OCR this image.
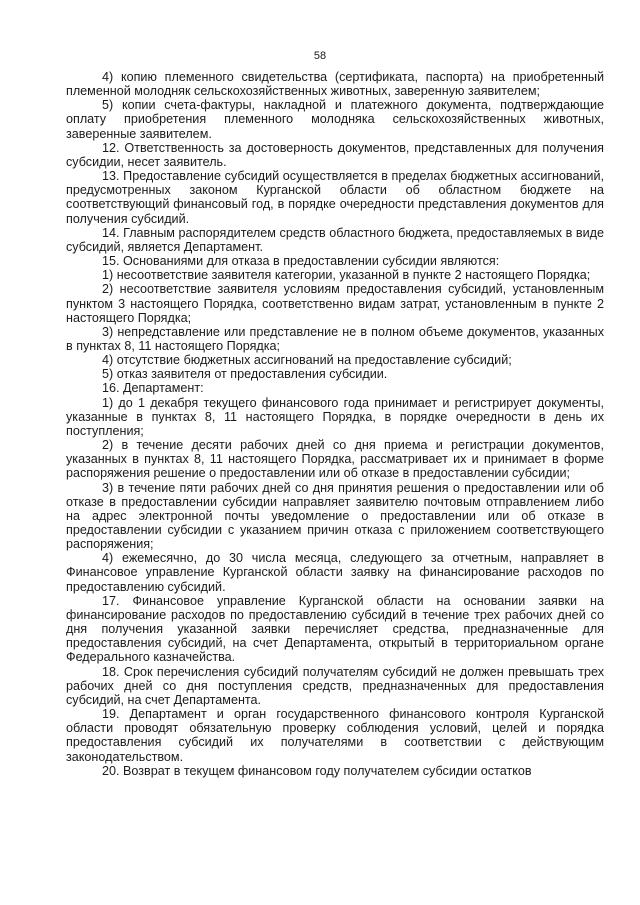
58

4) копию племенного свидетельства (сертификата, паспорта) на приобретенный племенной молодняк сельскохозяйственных животных, заверенную заявителем;

5) копии счета-фактуры, накладной и платежного документа, подтверждающие оплату приобретения племенного молодняка сельскохозяйственных животных, заверенные заявителем.

12. Ответственность за достоверность документов, представленных для получения субсидии, несет заявитель.

13. Предоставление субсидий осуществляется в пределах бюджетных ассигнований, предусмотренных законом Курганской области об областном бюджете на соответствующий финансовый год, в порядке очередности представления документов для получения субсидий.

14. Главным распорядителем средств областного бюджета, предоставляемых в виде субсидий, является Департамент.

15. Основаниями для отказа в предоставлении субсидии являются:

1) несоответствие заявителя категории, указанной в пункте 2 настоящего Порядка;

2) несоответствие заявителя условиям предоставления субсидий, установленным пунктом 3 настоящего Порядка, соответственно видам затрат, установленным в пункте 2 настоящего Порядка;

3) непредставление или представление не в полном объеме документов, указанных в пунктах 8, 11 настоящего Порядка;

4) отсутствие бюджетных ассигнований на предоставление субсидий;

5) отказ заявителя от предоставления субсидии.

16. Департамент:

1) до 1 декабря текущего финансового года принимает и регистрирует документы, указанные в пунктах 8, 11 настоящего Порядка, в порядке очередности в день их поступления;

2) в течение десяти рабочих дней со дня приема и регистрации документов, указанных в пунктах 8, 11 настоящего Порядка, рассматривает их и принимает в форме распоряжения решение о предоставлении или об отказе в предоставлении субсидии;

3) в течение пяти рабочих дней со дня принятия решения о предоставлении или об отказе в предоставлении субсидии направляет заявителю почтовым отправлением либо на адрес электронной почты уведомление о предоставлении или об отказе в предоставлении субсидии с указанием причин отказа с приложением соответствующего распоряжения;

4) ежемесячно, до 30 числа месяца, следующего за отчетным, направляет в Финансовое управление Курганской области заявку на финансирование расходов по предоставлению субсидий.

17. Финансовое управление Курганской области на основании заявки на финансирование расходов по предоставлению субсидий в течение трех рабочих дней со дня получения указанной заявки перечисляет средства, предназначенные для предоставления субсидий, на счет Департамента, открытый в территориальном органе Федерального казначейства.

18. Срок перечисления субсидий получателям субсидий не должен превышать трех рабочих дней со дня поступления средств, предназначенных для предоставления субсидий, на счет Департамента.

19. Департамент и орган государственного финансового контроля Курганской области проводят обязательную проверку соблюдения условий, целей и порядка предоставления субсидий их получателями в соответствии с действующим законодательством.

20. Возврат в текущем финансовом году получателем субсидии остатков
